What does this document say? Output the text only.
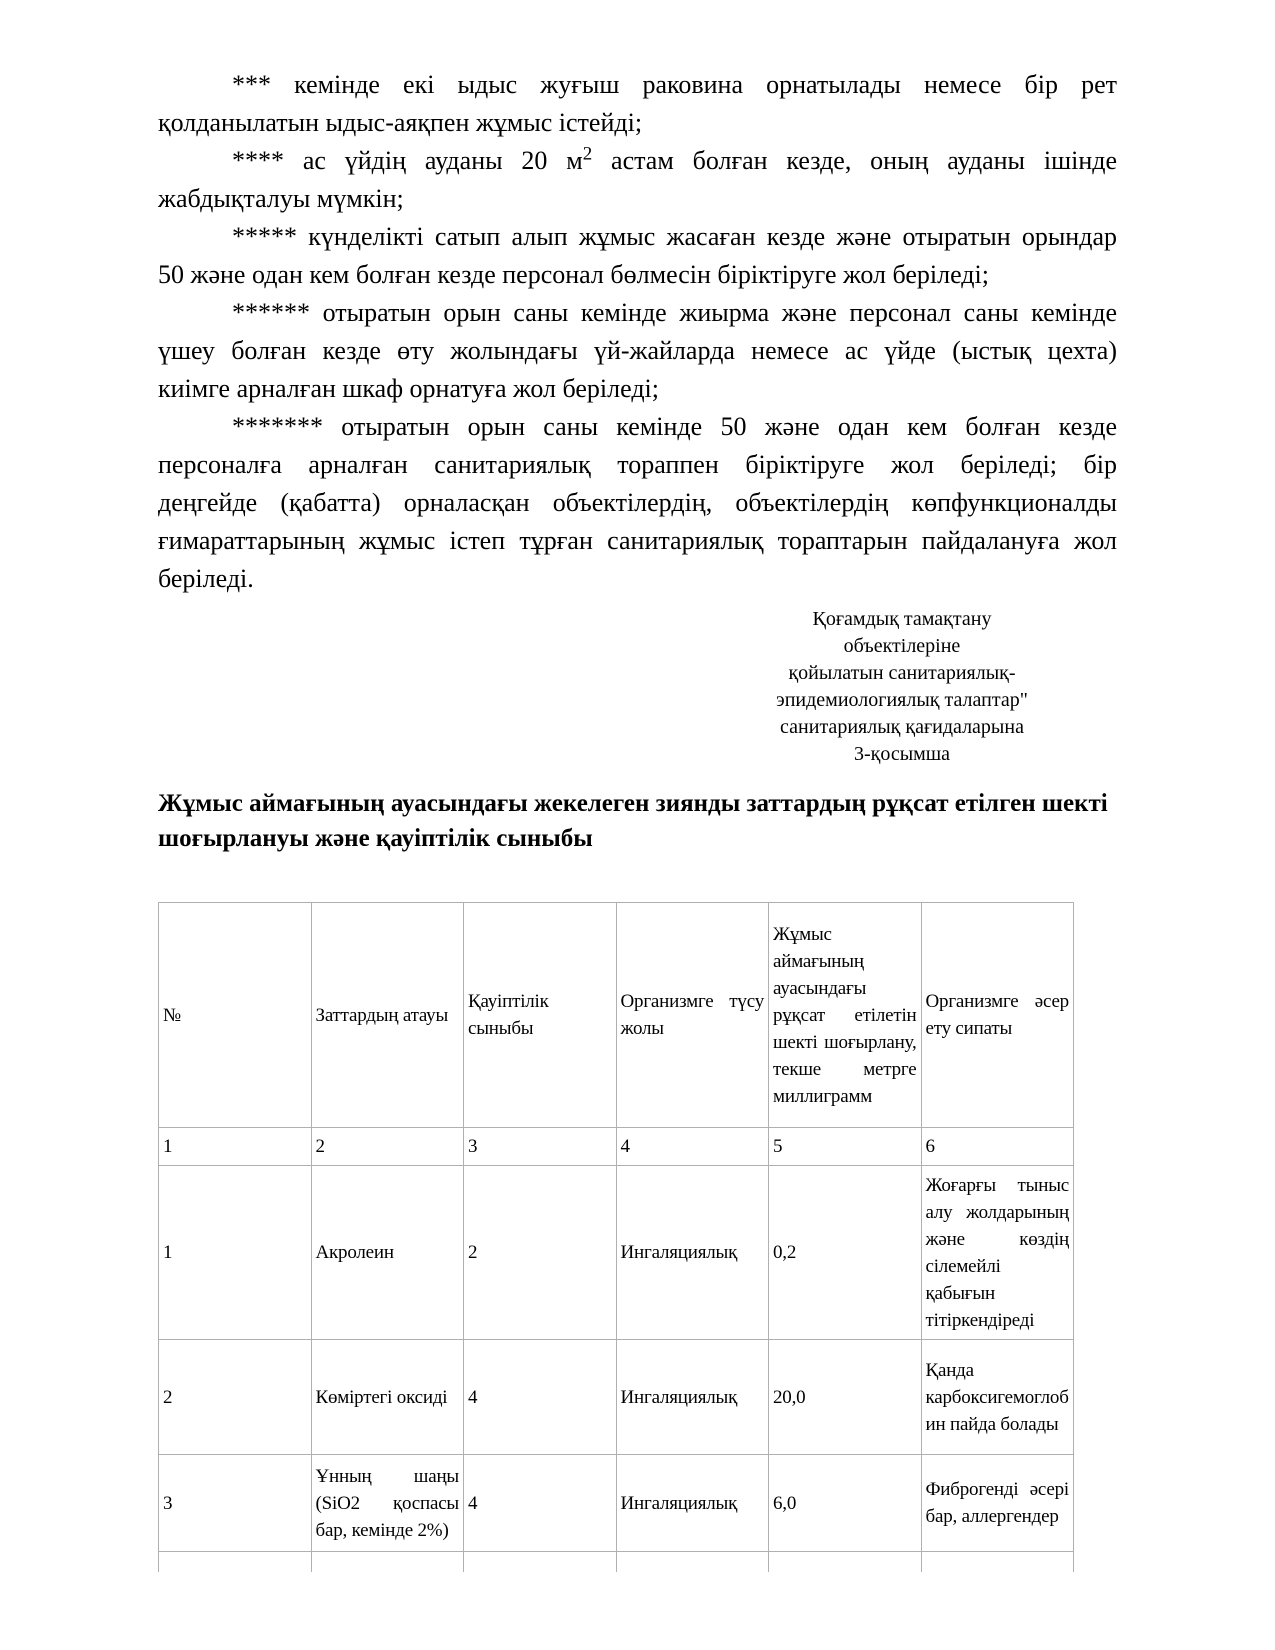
*** кемінде екі ыдыс жуғыш раковина орнатылады немесе бір рет
қолданылатын ыдыс-аяқпен жұмыс істейді;
**** ас үйдің ауданы 20 $м^2$ астам болған кезде, оның ауданы ішінде
жабдықталуы мүмкін;
***** күнделікті сатып алып жұмыс жасаған кезде және отыратын орындар
50 және одан кем болған кезде персонал бөлмесін біріктіруге жол беріледі;
****** отыратын орын саны кемінде жиырма және персонал саны кемінде
үшеу болған кезде өту жолындағы үй-жайларда немесе ас үйде (ыстық цехта)
киімге арналған шкаф орнатуға жол беріледі;
******* отыратын орын саны кемінде 50 және одан кем болған кезде
персоналға арналған санитариялық тораппен біріктіруге жол беріледі; бір
деңгейде (қабатта) орналасқан объектілердің, объектілердің көпфункционалды
ғимараттарының жұмыс істеп тұрған санитариялық тораптарын пайдалануға жол
беріледі.
Қоғамдық тамақтану
объектілеріне
қойылатын санитариялық-
эпидемиологиялық талаптар"
санитариялық қағидаларына
3-қосымша
Жұмыс аймағының ауасындағы жекелеген зиянды заттардың рұқсат етілген шекті шоғырлануы және қауіптілік сыныбы
№	Заттардың атауы	Қауіптілік сыныбы	Организмге түсу жолы	Жұмыс аймағының ауасындағы рұқсат етілетін шекті шоғырлану, текше метрге миллиграмм	Организмге әсер ету сипаты
1	2	3	4	5	6
1	Акролеин	2	Ингаляциялық	0,2	Жоғарғы тыныс алу жолдарының және көздің сілемейлі қабығын тітіркендіреді
2	Көміртегі оксиді	4	Ингаляциялық	20,0	Қанда карбоксигемоглобин пайда болады
3	Ұнның шаңы (SiO2 қоспасы бар, кемінде 2%)	4	Ингаляциялық	6,0	Фиброгенді әсері бар, аллергендер
